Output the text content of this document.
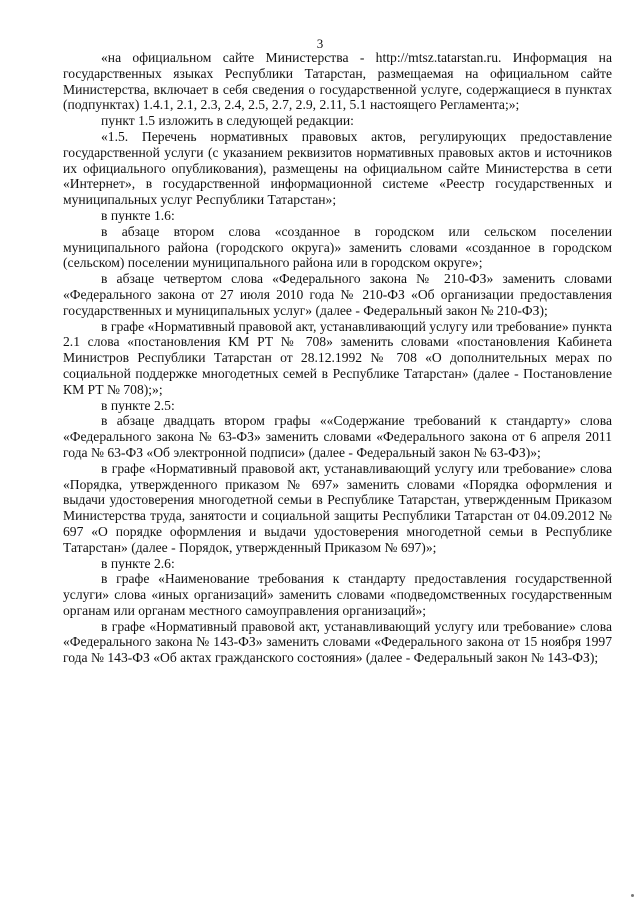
3

«на официальном сайте Министерства - http://mtsz.tatarstan.ru. Информация на государственных языках Республики Татарстан, размещаемая на официальном сайте Министерства, включает в себя сведения о государственной услуге, содержащиеся в пунктах (подпунктах) 1.4.1, 2.1, 2.3, 2.4, 2.5, 2.7, 2.9, 2.11, 5.1 настоящего Регламента;»;

пункт 1.5 изложить в следующей редакции:

«1.5. Перечень нормативных правовых актов, регулирующих предоставление государственной услуги (с указанием реквизитов нормативных правовых актов и источников их официального опубликования), размещены на официальном сайте Министерства в сети «Интернет», в государственной информационной системе «Реестр государственных и муниципальных услуг Республики Татарстан»;

в пункте 1.6:

в абзаце втором слова «созданное в городском или сельском поселении муниципального района (городского округа)» заменить словами «созданное в городском (сельском) поселении муниципального района или в городском округе»;

в абзаце четвертом слова «Федерального закона № 210-ФЗ» заменить словами «Федерального закона от 27 июля 2010 года № 210-ФЗ «Об организации предоставления государственных и муниципальных услуг» (далее - Федеральный закон № 210-ФЗ);

в графе «Нормативный правовой акт, устанавливающий услугу или требование» пункта 2.1 слова «постановления КМ РТ № 708» заменить словами «постановления Кабинета Министров Республики Татарстан от 28.12.1992 № 708 «О дополнительных мерах по социальной поддержке многодетных семей в Республике Татарстан» (далее - Постановление КМ РТ № 708);»;

в пункте 2.5:

в абзаце двадцать втором графы ««Содержание требований к стандарту» слова «Федерального закона № 63-ФЗ» заменить словами «Федерального закона от 6 апреля 2011 года № 63-ФЗ «Об электронной подписи» (далее - Федеральный закон № 63-ФЗ)»;

в графе «Нормативный правовой акт, устанавливающий услугу или требование» слова «Порядка, утвержденного приказом № 697» заменить словами «Порядка оформления и выдачи удостоверения многодетной семьи в Республике Татарстан, утвержденным Приказом Министерства труда, занятости и социальной защиты Республики Татарстан от 04.09.2012 № 697 «О порядке оформления и выдачи удостоверения многодетной семьи в Республике Татарстан» (далее - Порядок, утвержденный Приказом № 697)»;

в пункте 2.6:

в графе «Наименование требования к стандарту предоставления государственной услуги» слова «иных организаций» заменить словами «подведомственных государственным органам или органам местного самоуправления организаций»;

в графе «Нормативный правовой акт, устанавливающий услугу или требование» слова «Федерального закона № 143-ФЗ» заменить словами «Федерального закона от 15 ноября 1997 года № 143-ФЗ «Об актах гражданского состояния» (далее - Федеральный закон № 143-ФЗ);
